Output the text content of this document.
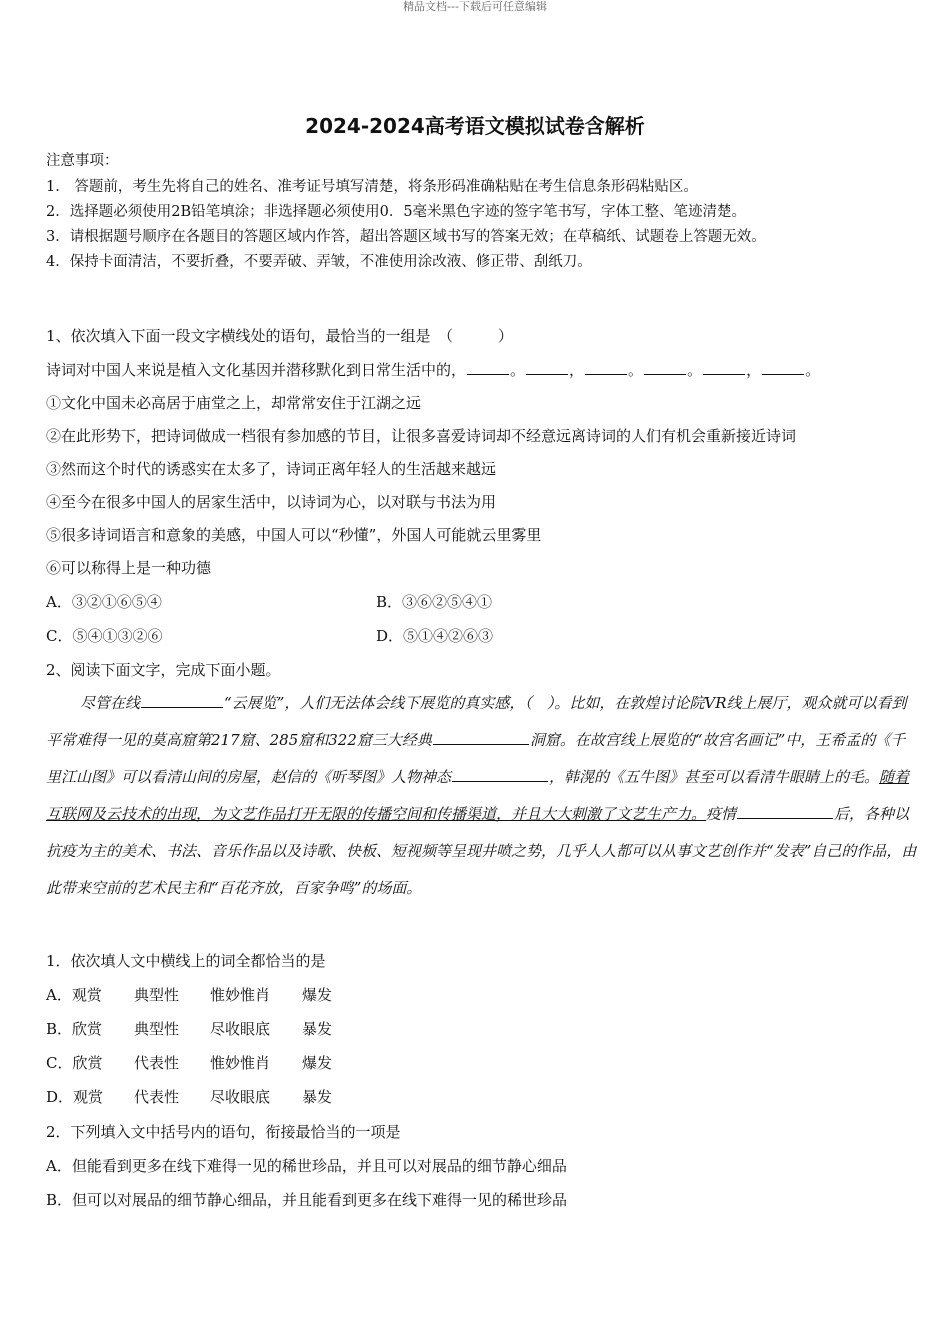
精品文档---下载后可任意编辑
2024-2024高考语文模拟试卷含解析
注意事项：
1.　答题前，考生先将自己的姓名、准考证号填写清楚，将条形码准确粘贴在考生信息条形码粘贴区。
2．选择题必须使用2B铅笔填涂；非选择题必须使用0．5毫米黑色字迹的签字笔书写，字体工整、笔迹清楚。
3．请根据题号顺序在各题目的答题区域内作答，超出答题区域书写的答案无效；在草稿纸、试题卷上答题无效。
4．保持卡面清洁，不要折叠，不要弄破、弄皱，不准使用涂改液、修正带、刮纸刀。
1、依次填入下面一段文字横线处的语句，最恰当的一组是　（　　　）
诗词对中国人来说是植入文化基因并潜移默化到日常生活中的，	。	，	。	。	，	。
①文化中国未必高居于庙堂之上，却常常安住于江湖之远
②在此形势下，把诗词做成一档很有参加感的节目，让很多喜爱诗词却不经意远离诗词的人们有机会重新接近诗词
③然而这个时代的诱惑实在太多了，诗词正离年轻人的生活越来越远
④至今在很多中国人的居家生活中，以诗词为心，以对联与书法为用
⑤很多诗词语言和意象的美感，中国人可以“秒懂”，外国人可能就云里雾里
⑥可以称得上是一种功德
A．③②①⑥⑤④	B．③⑥②⑤④①
C．⑤④①③②⑥	D．⑤①④②⑥③
2、阅读下面文字，完成下面小题。
尽管在线	“云展览”，人们无法体会线下展览的真实感，（　）。比如，在敦煌讨论院VR线上展厅，观众就可以看到平常难得一见的莫高窟第217窟、285窟和322窟三大经典	洞窟。在故宫线上展览的“故宫名画记”中，王希孟的《千里江山图》可以看清山间的房屋，赵信的《听琴图》人物神态	，韩滉的《五牛图》甚至可以看清牛眼睛上的毛。随着互联网及云技术的出现，为文艺作品打开无限的传播空间和传播渠道，并且大大刺激了文艺生产力。疫情	后，各种以抗疫为主的美术、书法、音乐作品以及诗歌、快板、短视频等呈现井喷之势，几乎人人都可以从事文艺创作并“发表”自己的作品，由此带来空前的艺术民主和“百花齐放，百家争鸣”的场面。
1．依次填人文中横线上的词全都恰当的是
A．观赏 典型性 惟妙惟肖 爆发
B．欣赏 典型性 尽收眼底 暴发
C．欣赏 代表性 惟妙惟肖 爆发
D．观赏 代表性 尽收眼底 暴发
2．下列填入文中括号内的语句，衔接最恰当的一项是
A．但能看到更多在线下难得一见的稀世珍品，并且可以对展品的细节静心细品
B．但可以对展品的细节静心细品，并且能看到更多在线下难得一见的稀世珍品
